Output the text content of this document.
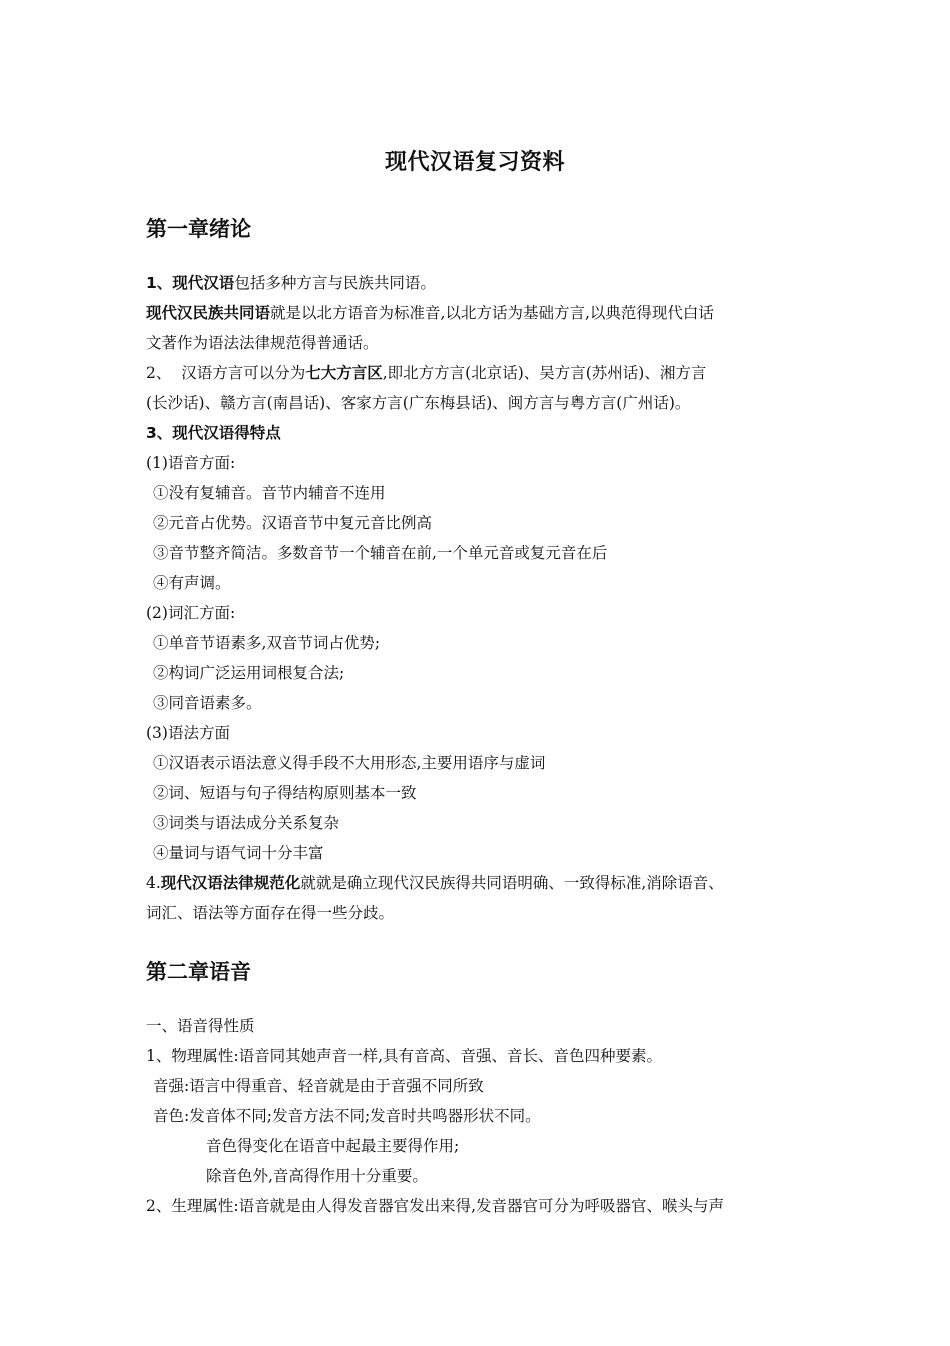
现代汉语复习资料
第一章绪论
1、现代汉语包括多种方言与民族共同语。
现代汉民族共同语就是以北方语音为标准音,以北方话为基础方言,以典范得现代白话
文著作为语法法律规范得普通话。
2、  汉语方言可以分为七大方言区,即北方方言(北京话)、吴方言(苏州话)、湘方言
(长沙话)、赣方言(南昌话)、客家方言(广东梅县话)、闽方言与粤方言(广州话)。
3、现代汉语得特点
(1)语音方面:
①没有复辅音。音节内辅音不连用
②元音占优势。汉语音节中复元音比例高
③音节整齐简洁。多数音节一个辅音在前,一个单元音或复元音在后
④有声调。
(2)词汇方面:
①单音节语素多,双音节词占优势;
②构词广泛运用词根复合法;
③同音语素多。
(3)语法方面
①汉语表示语法意义得手段不大用形态,主要用语序与虚词
②词、短语与句子得结构原则基本一致
③词类与语法成分关系复杂
④量词与语气词十分丰富
4.现代汉语法律规范化就就是确立现代汉民族得共同语明确、一致得标准,消除语音、
词汇、语法等方面存在得一些分歧。
第二章语音
一、语音得性质
1、物理属性:语音同其她声音一样,具有音高、音强、音长、音色四种要素。
音强:语言中得重音、轻音就是由于音强不同所致
音色:发音体不同;发音方法不同;发音时共鸣器形状不同。
音色得变化在语音中起最主要得作用;
除音色外,音高得作用十分重要。
2、生理属性:语音就是由人得发音器官发出来得,发音器官可分为呼吸器官、喉头与声
